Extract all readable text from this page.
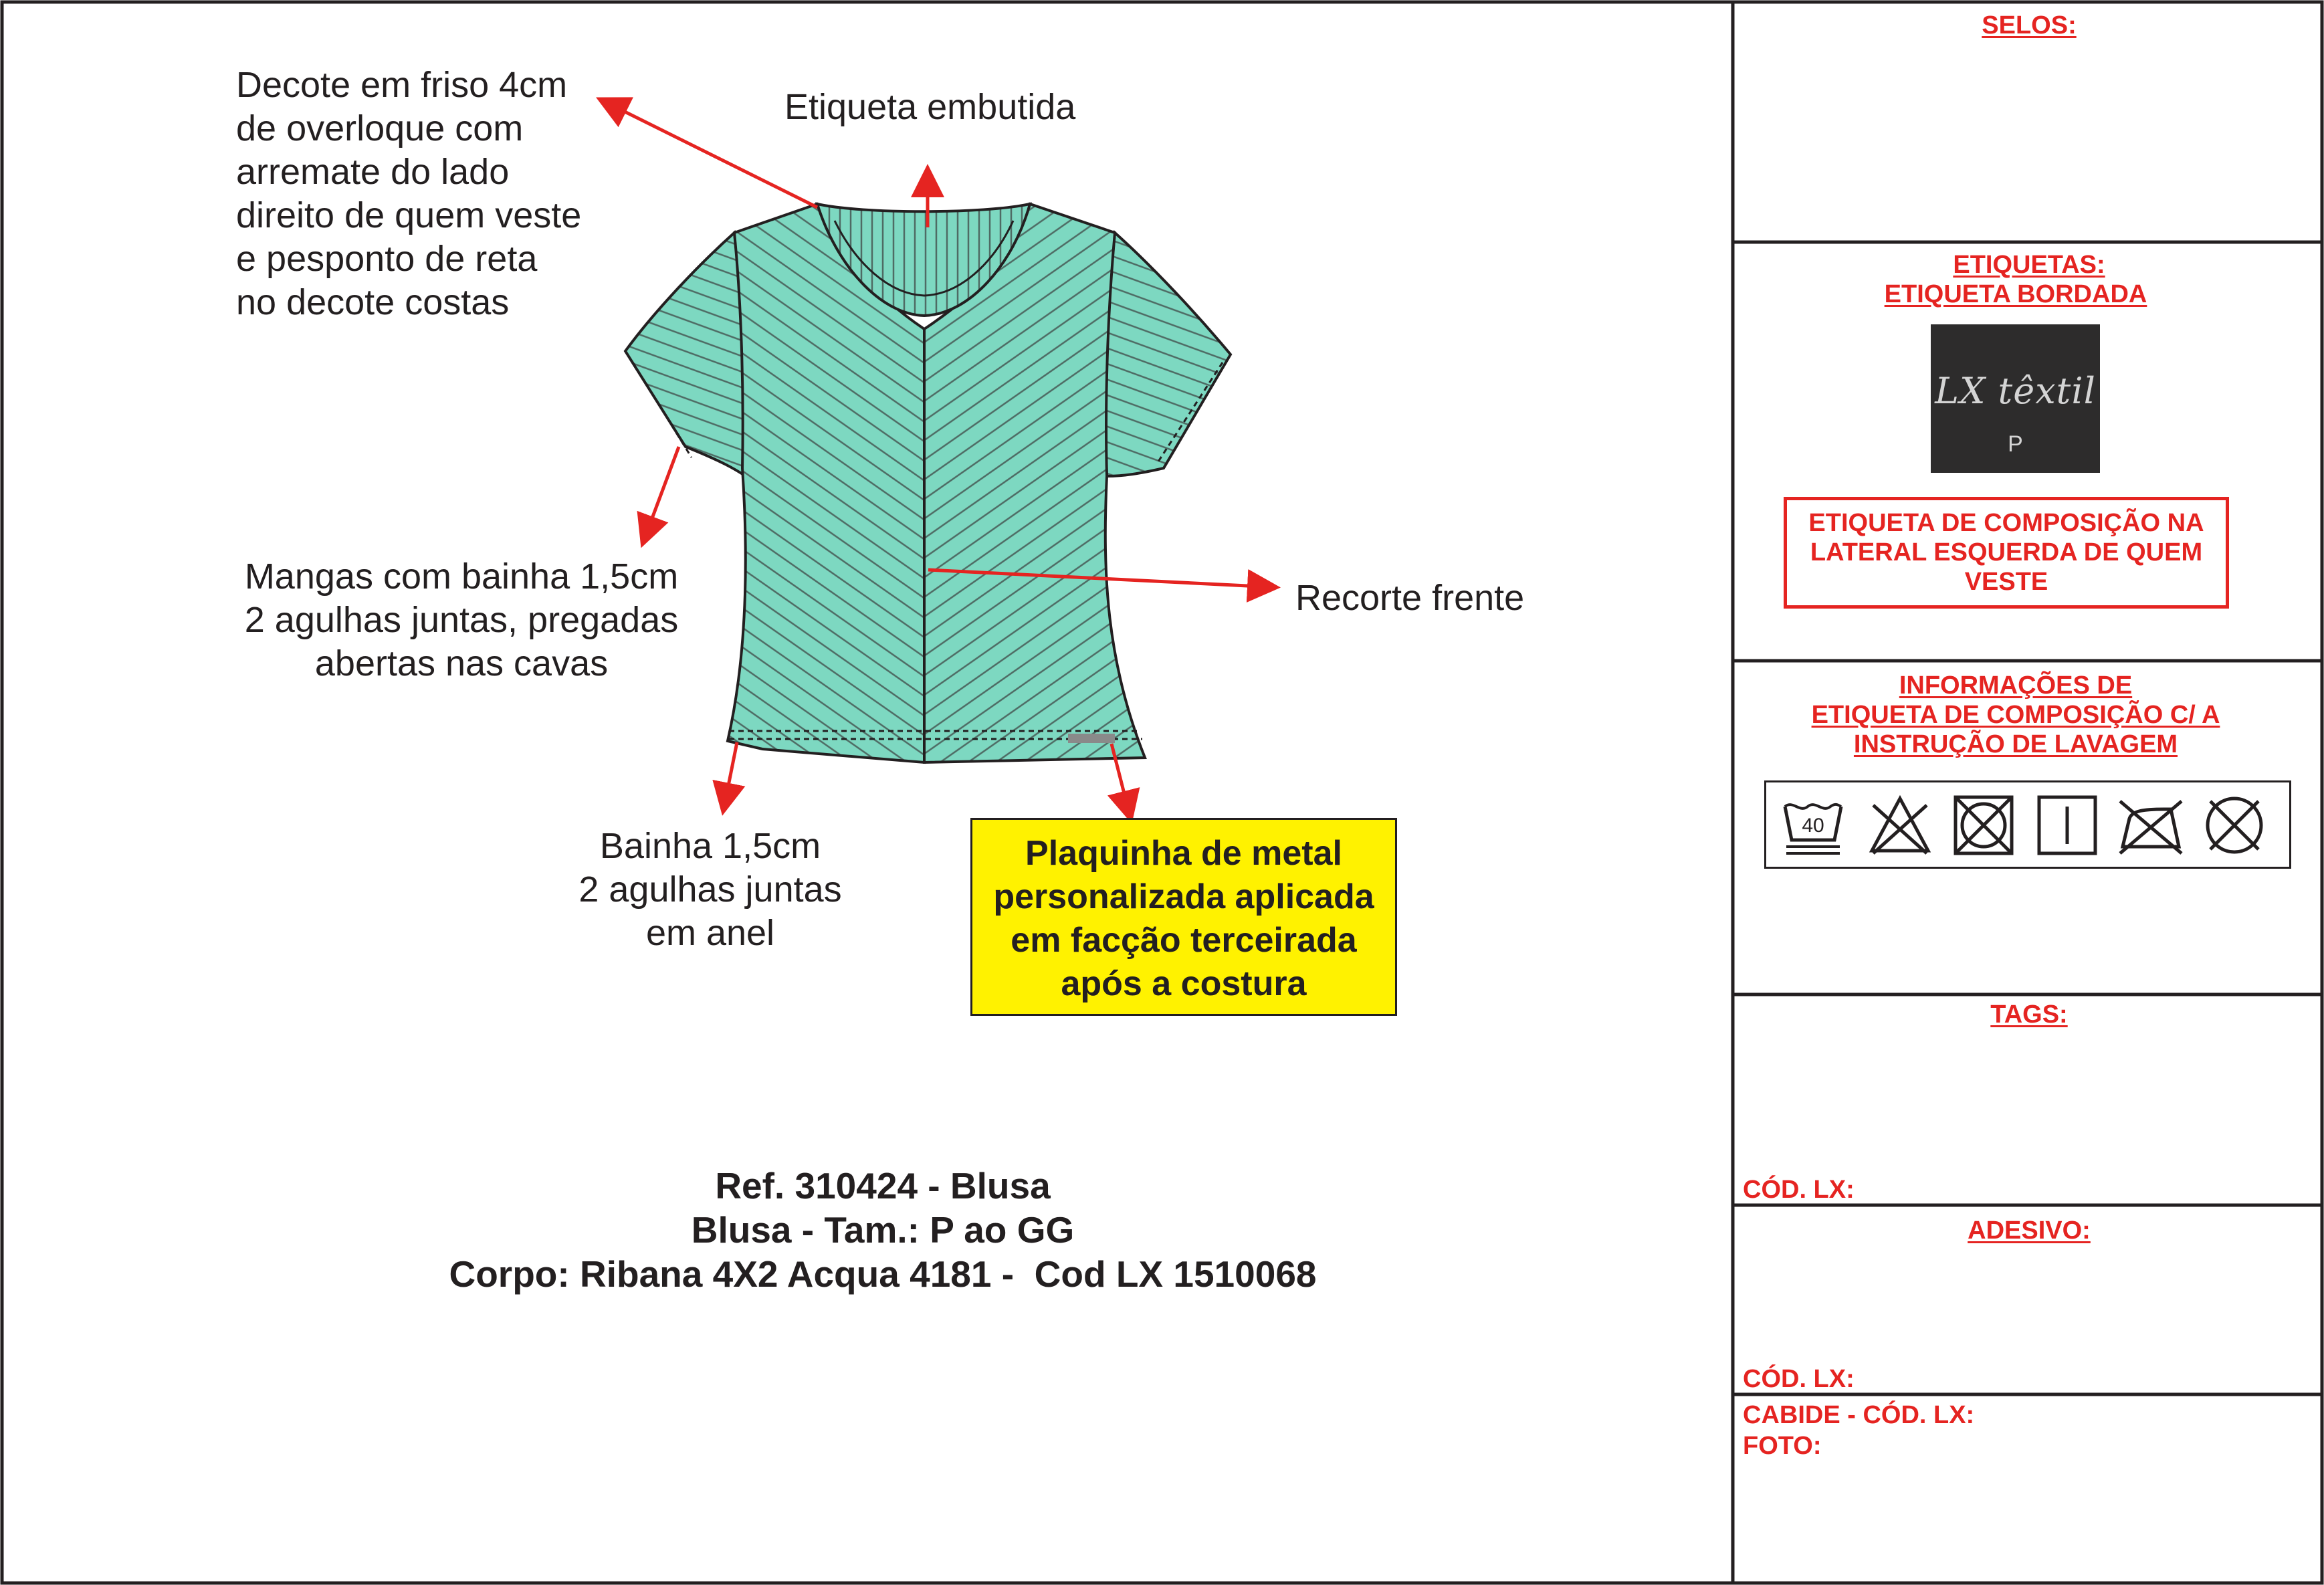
Decote em friso 4cm
de overloque com
arremate do lado
direito de quem veste
e pesponto de reta
no decote costas
Etiqueta embutida
Mangas com bainha 1,5cm
2 agulhas juntas, pregadas
abertas nas cavas
Recorte frente
Bainha 1,5cm
2 agulhas juntas
em anel
Plaquinha de metal
personalizada aplicada
em facção terceirada
após a costura
Ref. 310424 - Blusa
Blusa - Tam.: P ao GG
Corpo: Ribana 4X2 Acqua 4181 -  Cod LX 1510068
SELOS:
ETIQUETAS:
ETIQUETA BORDADA
LX têxtil
P
ETIQUETA DE COMPOSIÇÃO NA
LATERAL ESQUERDA DE QUEM
VESTE
INFORMAÇÕES DE
ETIQUETA DE COMPOSIÇÃO C/ A
INSTRUÇÃO DE LAVAGEM
40
TAGS:
CÓD. LX:
ADESIVO:
CÓD. LX:
CABIDE - CÓD. LX:
FOTO:
